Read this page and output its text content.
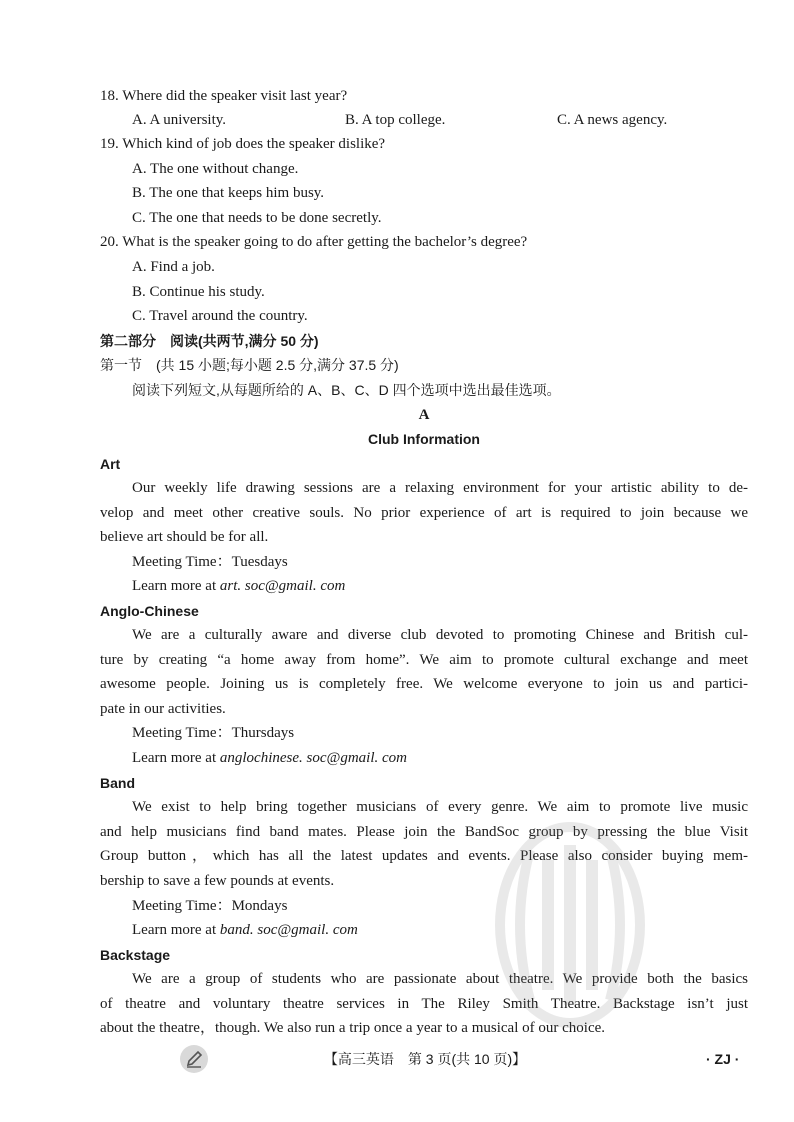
18. Where did the speaker visit last year?
A. A university.	B. A top college.	C. A news agency.
19. Which kind of job does the speaker dislike?
A. The one without change.
B. The one that keeps him busy.
C. The one that needs to be done secretly.
20. What is the speaker going to do after getting the bachelor’s degree?
A. Find a job.
B. Continue his study.
C. Travel around the country.
第二部分　阅读(共两节,满分 50 分)
第一节　(共 15 小题;每小题 2.5 分,满分 37.5 分)
阅读下列短文,从每题所给的 A、B、C、D 四个选项中选出最佳选项。
A
Club Information
Art
Our weekly life drawing sessions are a relaxing environment for your artistic ability to de-
velop and meet other creative souls. No prior experience of art is required to join because we
believe art should be for all.
Meeting Time：Tuesdays
Learn more at art. soc@gmail. com
Anglo-Chinese
We are a culturally aware and diverse club devoted to promoting Chinese and British cul-
ture by creating “a home away from home”. We aim to promote cultural exchange and meet
awesome people. Joining us is completely free. We welcome everyone to join us and partici-
pate in our activities.
Meeting Time：Thursdays
Learn more at anglochinese. soc@gmail. com
Band
We exist to help bring together musicians of every genre. We aim to promote live music
and help musicians find band mates. Please join the BandSoc group by pressing the blue Visit
Group button，which has all the latest updates and events. Please also consider buying mem-
bership to save a few pounds at events.
Meeting Time：Mondays
Learn more at band. soc@gmail. com
Backstage
We are a group of students who are passionate about theatre. We provide both the basics
of theatre and voluntary theatre services in The Riley Smith Theatre. Backstage isn’t just
about the theatre，though. We also run a trip once a year to a musical of our choice.
【高三英语　第 3 页(共 10 页)】	· ZJ ·
